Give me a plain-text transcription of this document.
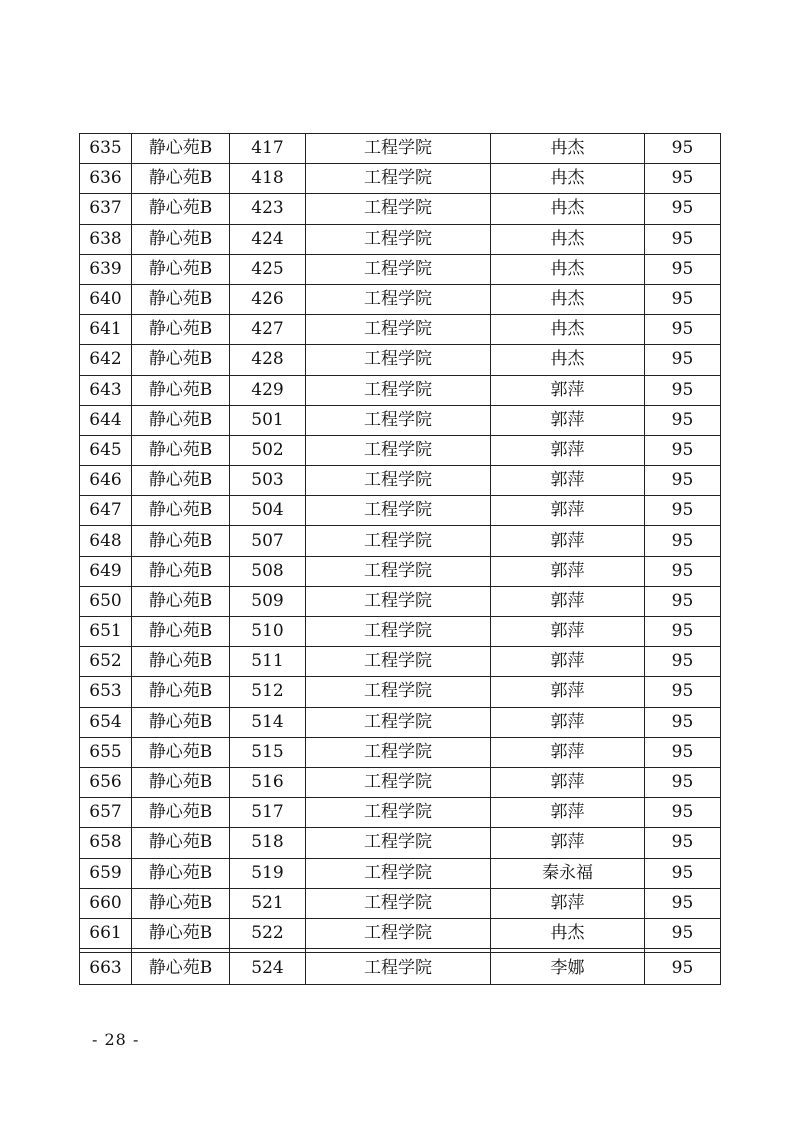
635	静心苑B	417	工程学院	冉杰	95
636	静心苑B	418	工程学院	冉杰	95
637	静心苑B	423	工程学院	冉杰	95
638	静心苑B	424	工程学院	冉杰	95
639	静心苑B	425	工程学院	冉杰	95
640	静心苑B	426	工程学院	冉杰	95
641	静心苑B	427	工程学院	冉杰	95
642	静心苑B	428	工程学院	冉杰	95
643	静心苑B	429	工程学院	郭萍	95
644	静心苑B	501	工程学院	郭萍	95
645	静心苑B	502	工程学院	郭萍	95
646	静心苑B	503	工程学院	郭萍	95
647	静心苑B	504	工程学院	郭萍	95
648	静心苑B	507	工程学院	郭萍	95
649	静心苑B	508	工程学院	郭萍	95
650	静心苑B	509	工程学院	郭萍	95
651	静心苑B	510	工程学院	郭萍	95
652	静心苑B	511	工程学院	郭萍	95
653	静心苑B	512	工程学院	郭萍	95
654	静心苑B	514	工程学院	郭萍	95
655	静心苑B	515	工程学院	郭萍	95
656	静心苑B	516	工程学院	郭萍	95
657	静心苑B	517	工程学院	郭萍	95
658	静心苑B	518	工程学院	郭萍	95
659	静心苑B	519	工程学院	秦永福	95
660	静心苑B	521	工程学院	郭萍	95
661	静心苑B	522	工程学院	冉杰	95

663	静心苑B	524	工程学院	李娜	95
- 28 -
